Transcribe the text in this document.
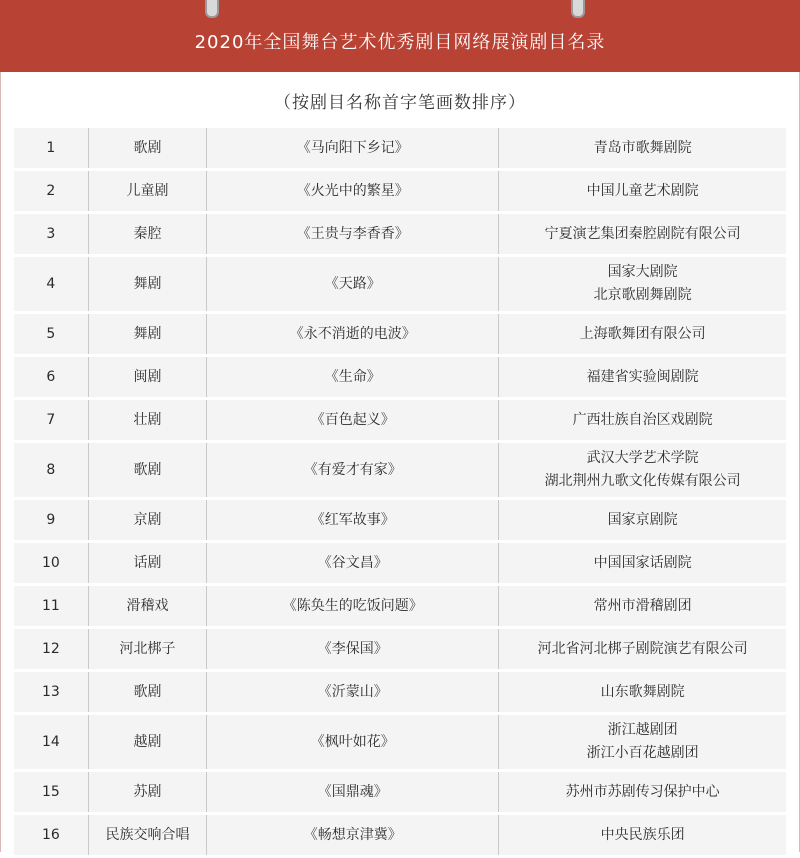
2020年全国舞台艺术优秀剧目网络展演剧目名录
（按剧目名称首字笔画数排序）
1	歌剧	《马向阳下乡记》	青岛市歌舞剧院

2	儿童剧	《火光中的繁星》	中国儿童艺术剧院

3	秦腔	《王贵与李香香》	宁夏演艺集团秦腔剧院有限公司

4	舞剧	《天路》	国家大剧院
北京歌剧舞剧院

5	舞剧	《永不消逝的电波》	上海歌舞团有限公司

6	闽剧	《生命》	福建省实验闽剧院

7	壮剧	《百色起义》	广西壮族自治区戏剧院

8	歌剧	《有爱才有家》	武汉大学艺术学院
湖北荆州九歌文化传媒有限公司

9	京剧	《红军故事》	国家京剧院

10	话剧	《谷文昌》	中国国家话剧院

11	滑稽戏	《陈奂生的吃饭问题》	常州市滑稽剧团

12	河北梆子	《李保国》	河北省河北梆子剧院演艺有限公司

13	歌剧	《沂蒙山》	山东歌舞剧院

14	越剧	《枫叶如花》	浙江越剧团
浙江小百花越剧团

15	苏剧	《国鼎魂》	苏州市苏剧传习保护中心

16	民族交响合唱	《畅想京津冀》	中央民族乐团
